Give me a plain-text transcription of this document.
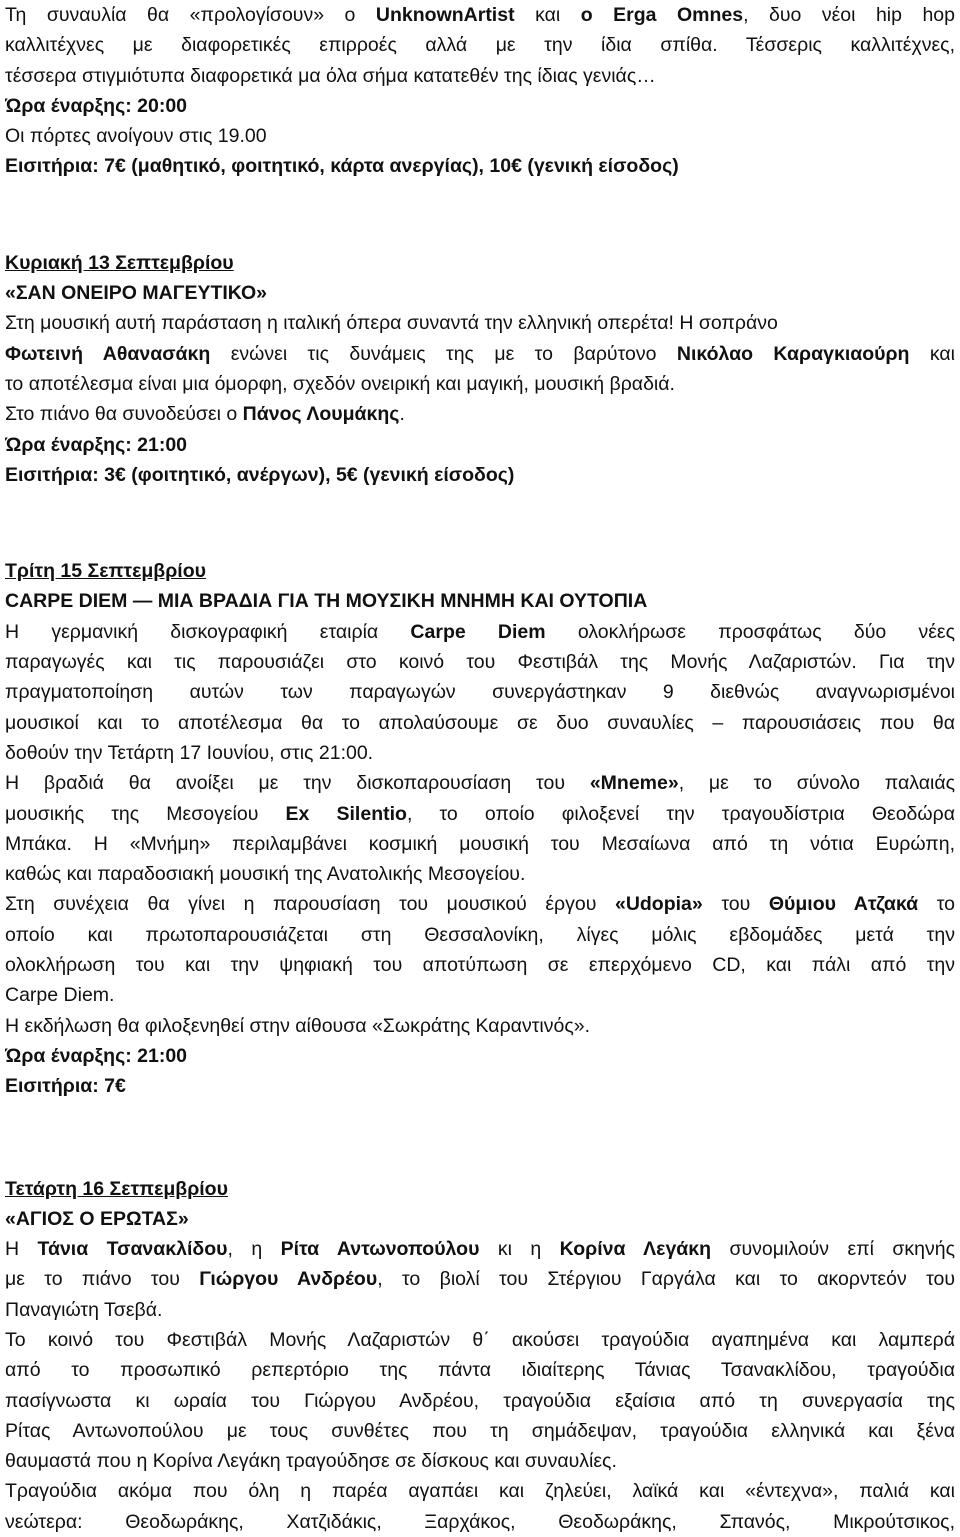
Τη συναυλία θα «προλογίσουν» ο UnknownArtist και ο Erga Omnes, δυο νέοι hip hop
καλλιτέχνες με διαφορετικές επιρροές αλλά με την ίδια σπίθα. Τέσσερις καλλιτέχνες,
τέσσερα στιγμιότυπα διαφορετικά μα όλα σήμα κατατεθέν της ίδιας γενιάς…
Ώρα έναρξης: 20:00
Οι πόρτες ανοίγουν στις 19.00
Εισιτήρια: 7€ (μαθητικό, φοιτητικό, κάρτα ανεργίας), 10€ (γενική είσοδος)
Κυριακή 13 Σεπτεμβρίου
«ΣΑΝ ΟΝΕΙΡΟ ΜΑΓΕΥΤΙΚΟ»
Στη μουσική αυτή παράσταση η ιταλική όπερα συναντά την ελληνική οπερέτα! Η σοπράνο
Φωτεινή Αθανασάκη ενώνει τις δυνάμεις της με το βαρύτονο Νικόλαο Καραγκιαούρη και
το αποτέλεσμα είναι μια όμορφη, σχεδόν ονειρική και μαγική, μουσική βραδιά.
Στο πιάνο θα συνοδεύσει ο Πάνος Λουμάκης.
Ώρα έναρξης: 21:00
Εισιτήρια: 3€ (φοιτητικό, ανέργων), 5€ (γενική είσοδος)
Τρίτη 15 Σεπτεμβρίου
CARPE DIEM — ΜΙΑ ΒΡΑΔΙΑ ΓΙΑ ΤΗ ΜΟΥΣΙΚΗ ΜΝΗΜΗ ΚΑΙ ΟΥΤΟΠΙΑ
Η γερμανική δισκογραφική εταιρία Carpe Diem ολοκλήρωσε προσφάτως δύο νέες
παραγωγές και τις παρουσιάζει στο κοινό του Φεστιβάλ της Μονής Λαζαριστών. Για την
πραγματοποίηση αυτών των παραγωγών συνεργάστηκαν 9 διεθνώς αναγνωρισμένοι
μουσικοί και το αποτέλεσμα θα το απολαύσουμε σε δυο συναυλίες – παρουσιάσεις που θα
δοθούν την Τετάρτη 17 Ιουνίου, στις 21:00.
Η βραδιά θα ανοίξει με την δισκοπαρουσίαση του «Mneme», με το σύνολο παλαιάς
μουσικής της Μεσογείου Ex Silentio, το οποίο φιλοξενεί την τραγουδίστρια Θεοδώρα
Μπάκα. Η «Μνήμη» περιλαμβάνει κοσμική μουσική του Μεσαίωνα από τη νότια Ευρώπη,
καθώς και παραδοσιακή μουσική της Ανατολικής Μεσογείου.
Στη συνέχεια θα γίνει η παρουσίαση του μουσικού έργου «Udopia» του Θύμιου Ατζακά το
οποίο και πρωτοπαρουσιάζεται στη Θεσσαλονίκη, λίγες μόλις εβδομάδες μετά την
ολοκλήρωση του και την ψηφιακή του αποτύπωση σε επερχόμενο CD, και πάλι από την
Carpe Diem.
Η εκδήλωση θα φιλοξενηθεί στην αίθουσα «Σωκράτης Καραντινός».
Ώρα έναρξης: 21:00
Εισιτήρια: 7€
Τετάρτη 16 Σετπεμβρίου
«ΑΓΙΟΣ Ο ΕΡΩΤΑΣ»
Η Τάνια Τσανακλίδου, η Ρίτα Αντωνοπούλου κι η Κορίνα Λεγάκη συνομιλούν επί σκηνής
με το πιάνο του Γιώργου Ανδρέου, το βιολί του Στέργιου Γαργάλα και το ακορντεόν του
Παναγιώτη Τσεβά.
Το κοινό του Φεστιβάλ Μονής Λαζαριστών θ΄ ακούσει τραγούδια αγαπημένα και λαμπερά
από το προσωπικό ρεπερτόριο της πάντα ιδιαίτερης Τάνιας Τσανακλίδου, τραγούδια
πασίγνωστα κι ωραία του Γιώργου Ανδρέου, τραγούδια εξαίσια από τη συνεργασία της
Ρίτας Αντωνοπούλου με τους συνθέτες που τη σημάδεψαν, τραγούδια ελληνικά και ξένα
θαυμαστά που η Κορίνα Λεγάκη τραγούδησε σε δίσκους και συναυλίες.
Τραγούδια ακόμα που όλη η παρέα αγαπάει και ζηλεύει, λαϊκά και «έντεχνα», παλιά και
νεώτερα: Θεοδωράκης, Χατζιδάκις, Ξαρχάκος, Θεοδωράκης, Σπανός, Μικρούτσικος,
